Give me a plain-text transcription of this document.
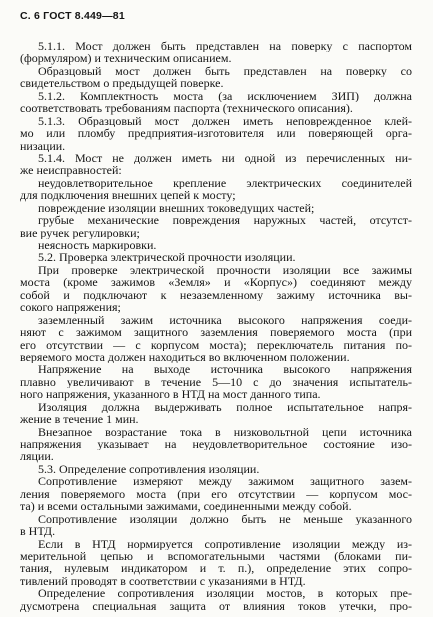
С. 6 ГОСТ 8.449—81
5.1.1. Мост должен быть представлен на поверку с паспортом
(формуляром) и техническим описанием.
Образцовый мост должен быть представлен на поверку со
свидетельством о предыдущей поверке.
5.1.2. Комплектность моста (за исключением ЗИП) должна
соответствовать требованиям паспорта (технического описания).
5.1.3. Образцовый мост должен иметь неповрежденное клей-
мо или пломбу предприятия-изготовителя или поверяющей орга-
низации.
5.1.4. Мост не должен иметь ни одной из перечисленных ни-
же неисправностей:
неудовлетворительное крепление электрических соединителей
для подключения внешних цепей к мосту;
повреждение изоляции внешних токоведущих частей;
грубые механические повреждения наружных частей, отсутст-
вие ручек регулировки;
неясность маркировки.
5.2. Проверка электрической прочности изоляции.
При проверке электрической прочности изоляции все зажимы
моста (кроме зажимов «Земля» и «Корпус») соединяют между
собой и подключают к незаземленному зажиму источника вы-
сокого напряжения;
заземленный зажим источника высокого напряжения соеди-
няют с зажимом защитного заземления поверяемого моста (при
его отсутствии — с корпусом моста); переключатель питания по-
веряемого моста должен находиться во включенном положении.
Напряжение на выходе источника высокого напряжения
плавно увеличивают в течение 5—10 с до значения испытатель-
ного напряжения, указанного в НТД на мост данного типа.
Изоляция должна выдерживать полное испытательное напря-
жение в течение 1 мин.
Внезапное возрастание тока в низковольтной цепи источника
напряжения указывает на неудовлетворительное состояние изо-
ляции.
5.3. Определение сопротивления изоляции.
Сопротивление измеряют между зажимом защитного зазем-
ления поверяемого моста (при его отсутствии — корпусом мос-
та) и всеми остальными зажимами, соединенными между собой.
Сопротивление изоляции должно быть не меньше указанного
в НТД.
Если в НТД нормируется сопротивление изоляции между из-
мерительной цепью и вспомогательными частями (блоками пи-
тания, нулевым индикатором и т. п.), определение этих сопро-
тивлений проводят в соответствии с указаниями в НТД.
Определение сопротивления изоляции мостов, в которых пре-
дусмотрена специальная защита от влияния токов утечки, про-
